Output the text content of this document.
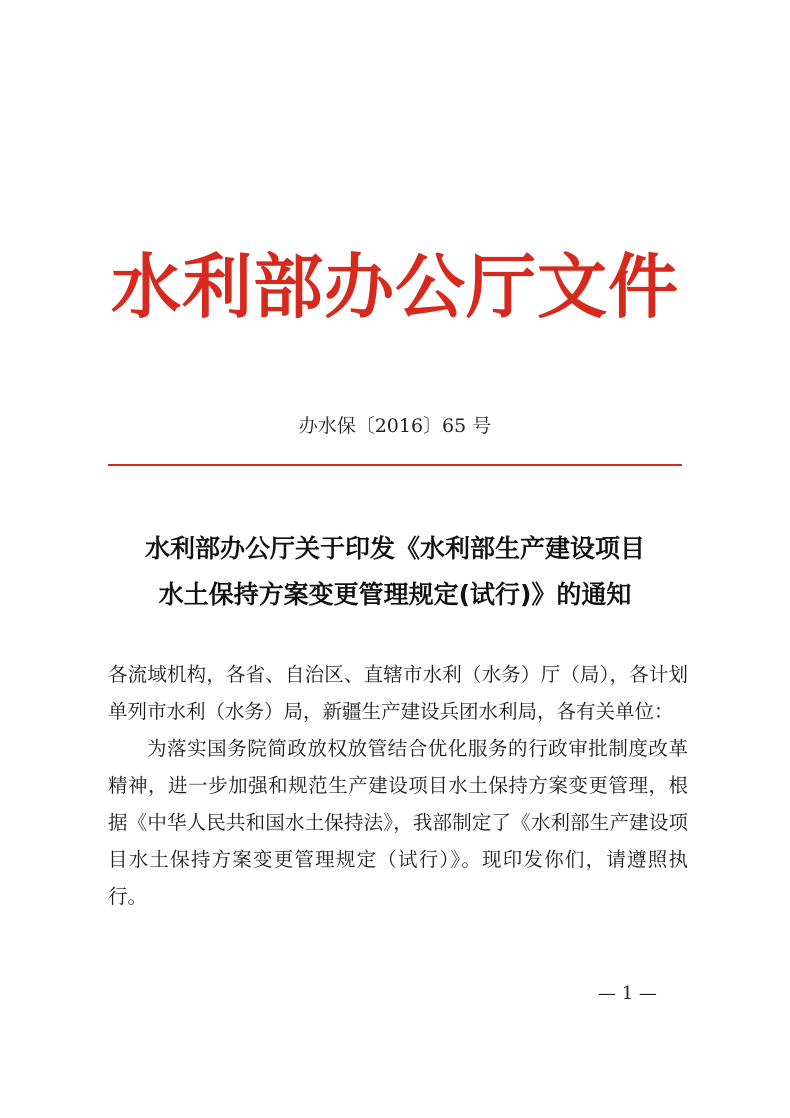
水利部办公厅文件
办水保〔2016〕65 号
水利部办公厅关于印发《水利部生产建设项目
水土保持方案变更管理规定(试行)》的通知

各流域机构，各省、自治区、直辖市水利（水务）厅（局），各计划单列市水利（水务）局，新疆生产建设兵团水利局，各有关单位：

为落实国务院简政放权放管结合优化服务的行政审批制度改革精神，进一步加强和规范生产建设项目水土保持方案变更管理，根据《中华人民共和国水土保持法》，我部制定了《水利部生产建设项目水土保持方案变更管理规定（试行）》。现印发你们，请遵照执行。

— 1 —
